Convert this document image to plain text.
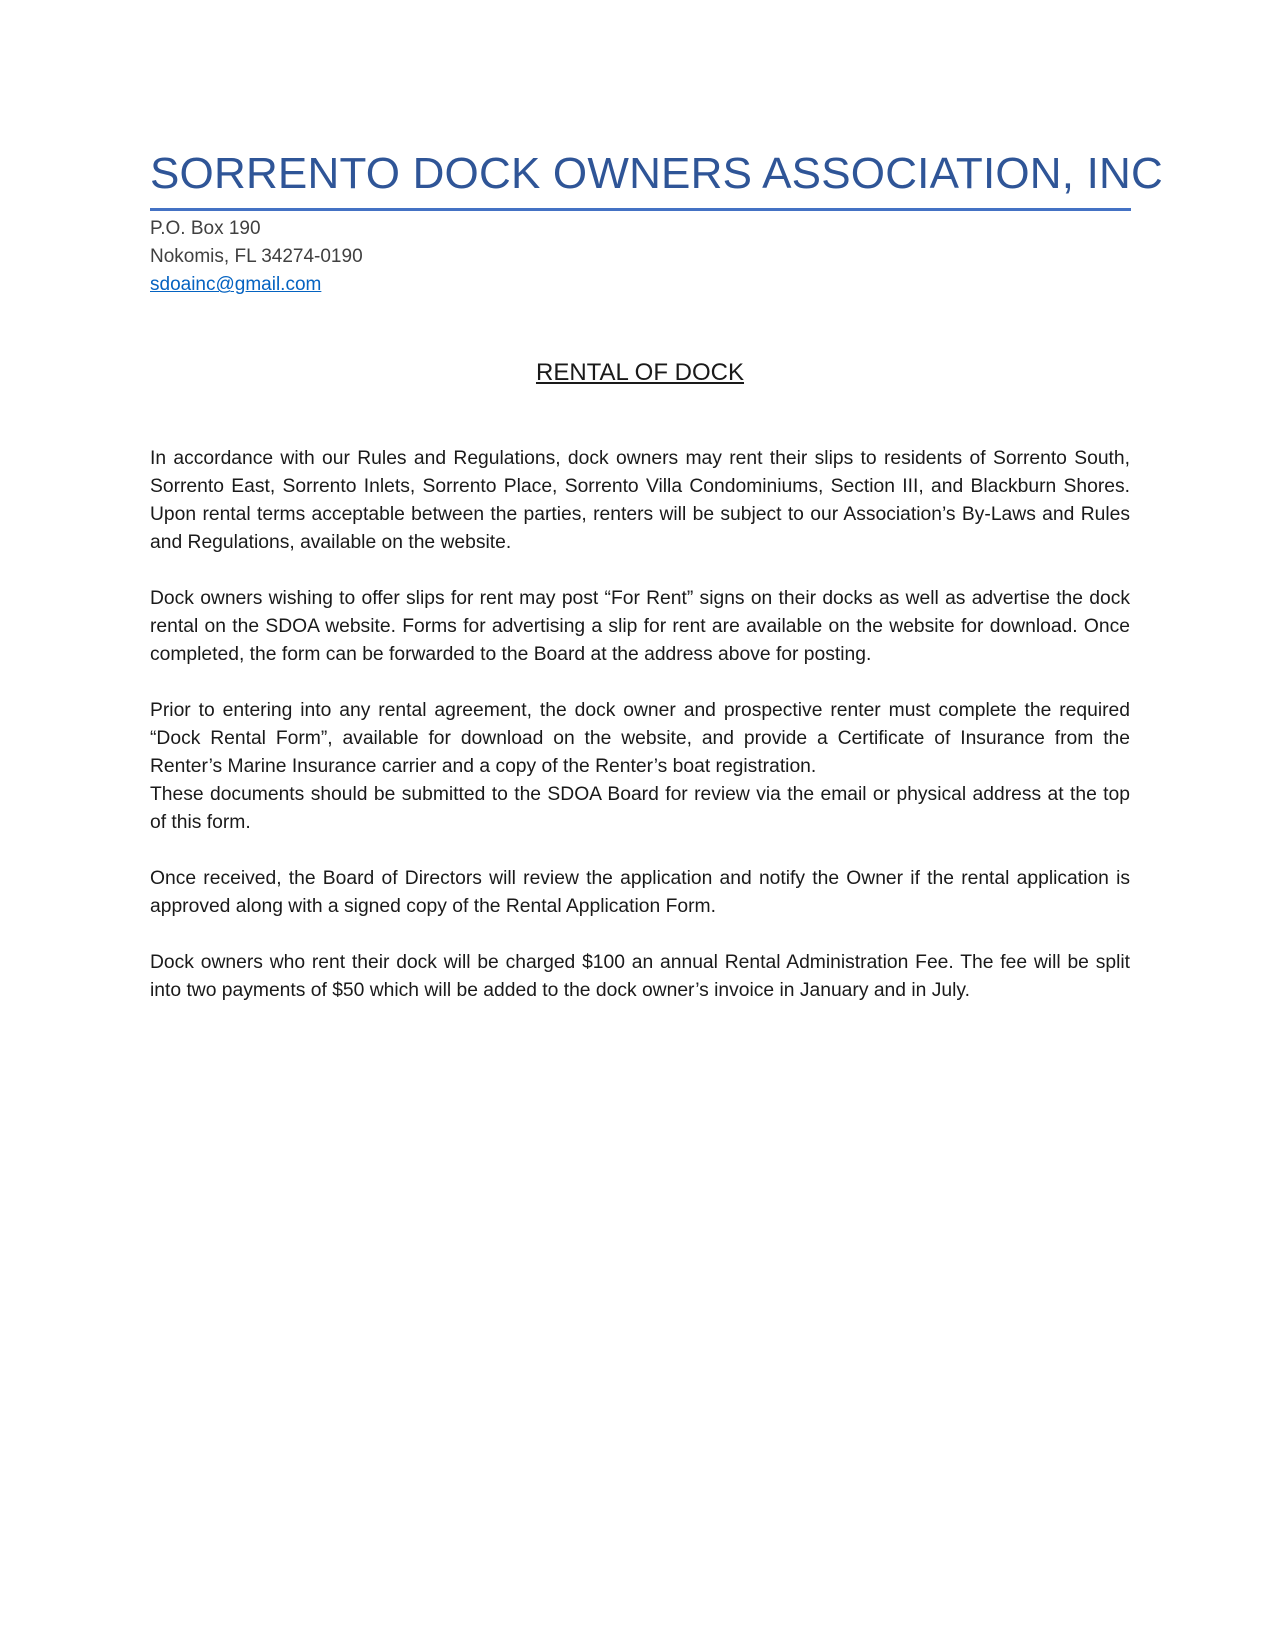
SORRENTO DOCK OWNERS ASSOCIATION, INC
P.O. Box 190
Nokomis, FL 34274-0190
sdoainc@gmail.com
RENTAL OF DOCK

In accordance with our Rules and Regulations, dock owners may rent their slips to residents of Sorrento South, Sorrento East, Sorrento Inlets, Sorrento Place, Sorrento Villa Condominiums, Section III, and Blackburn Shores. Upon rental terms acceptable between the parties, renters will be subject to our Association’s By-Laws and Rules and Regulations, available on the website.

Dock owners wishing to offer slips for rent may post “For Rent” signs on their docks as well as advertise the dock rental on the SDOA website. Forms for advertising a slip for rent are available on the website for download. Once completed, the form can be forwarded to the Board at the address above for posting.

Prior to entering into any rental agreement, the dock owner and prospective renter must complete the required “Dock Rental Form”, available for download on the website, and provide a Certificate of Insurance from the Renter’s Marine Insurance carrier and a copy of the Renter’s boat registration.

These documents should be submitted to the SDOA Board for review via the email or physical address at the top of this form.

Once received, the Board of Directors will review the application and notify the Owner if the rental application is approved along with a signed copy of the Rental Application Form.

Dock owners who rent their dock will be charged $100 an annual Rental Administration Fee. The fee will be split into two payments of $50 which will be added to the dock owner’s invoice in January and in July.
